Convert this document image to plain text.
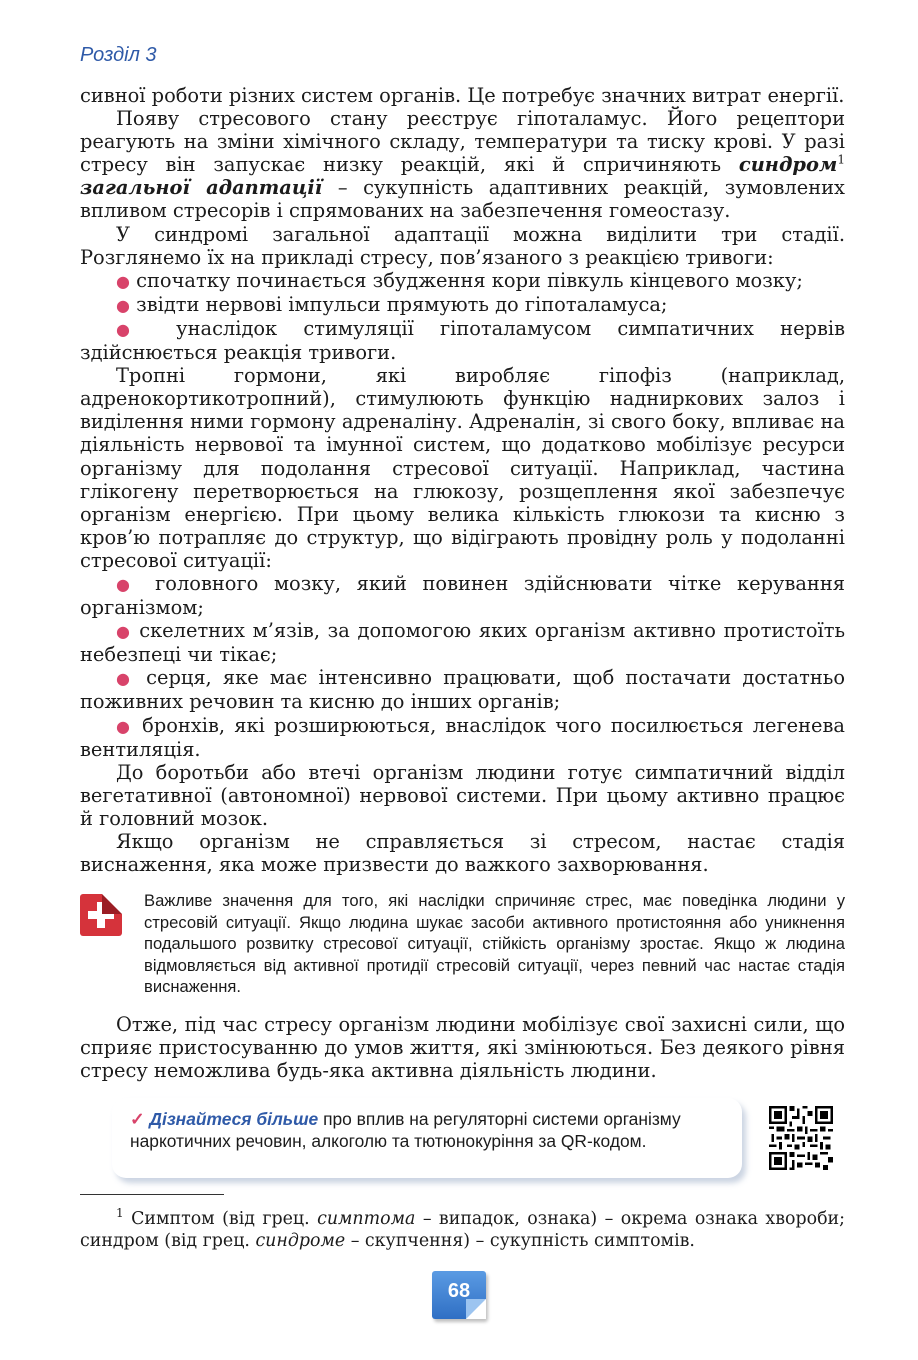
Розділ 3

сивної роботи різних систем органів. Це потребує значних витрат енергії.

Появу стресового стану реєструє гіпоталамус. Його рецептори реагують на зміни хімічного складу, температури та тиску крові. У разі стресу він запускає низку реакцій, які й спричиняють синдром$^1$ загальної адаптації – сукупність адаптивних реакцій, зумовлених впливом стресорів і спрямованих на забезпечення гомеостазу.

У синдромі загальної адаптації можна виділити три стадії. Розглянемо їх на прикладі стресу, пов’язаного з реакцією тривоги:

● спочатку починається збудження кори півкуль кінцевого мозку;

● звідти нервові імпульси прямують до гіпоталамуса;

● унаслідок стимуляції гіпоталамусом симпатичних нервів здійснюється реакція тривоги.

Тропні гормони, які виробляє гіпофіз (наприклад, адренокортикотропний), стимулюють функцію надниркових залоз і виділення ними гормону адреналіну. Адреналін, зі свого боку, впливає на діяльність нервової та імунної систем, що додатково мобілізує ресурси організму для подолання стресової ситуації. Наприклад, частина глікогену перетворюється на глюкозу, розщеплення якої забезпечує організм енергією. При цьому велика кількість глюкози та кисню з кров’ю потрапляє до структур, що відіграють провідну роль у подоланні стресової ситуації:

● головного мозку, який повинен здійснювати чітке керування організмом;

● скелетних м’язів, за допомогою яких організм активно протистоїть небезпеці чи тікає;

● серця, яке має інтенсивно працювати, щоб постачати достатньо поживних речовин та кисню до інших органів;

● бронхів, які розширюються, внаслідок чого посилюється легенева вентиляція.

До боротьби або втечі організм людини готує симпатичний відділ вегетативної (автономної) нервової системи. При цьому активно працює й головний мозок.

Якщо організм не справляється зі стресом, настає стадія виснаження, яка може призвести до важкого захворювання.

Важливе значення для того, які наслідки спричиняє стрес, має поведінка людини у стресовій ситуації. Якщо людина шукає засоби активного протистояння або уникнення подальшого розвитку стресової ситуації, стійкість організму зростає. Якщо ж людина відмовляється від активної протидії стресовій ситуації, через певний час настає стадія виснаження.

Отже, під час стресу організм людини мобілізує свої захисні сили, що сприяє пристосуванню до умов життя, які змінюються. Без деякого рівня стресу неможлива будь-яка активна діяльність людини.

✓ Дізнайтеся більше про вплив на регуляторні системи організму наркотичних речовин, алкоголю та тютюнокуріння за QR-кодом.

$^1$ Симптом (від грец. симптома – випадок, ознака) – окрема ознака хвороби; синдром (від грец. синдроме – скупчення) – сукупність симптомів.

68
